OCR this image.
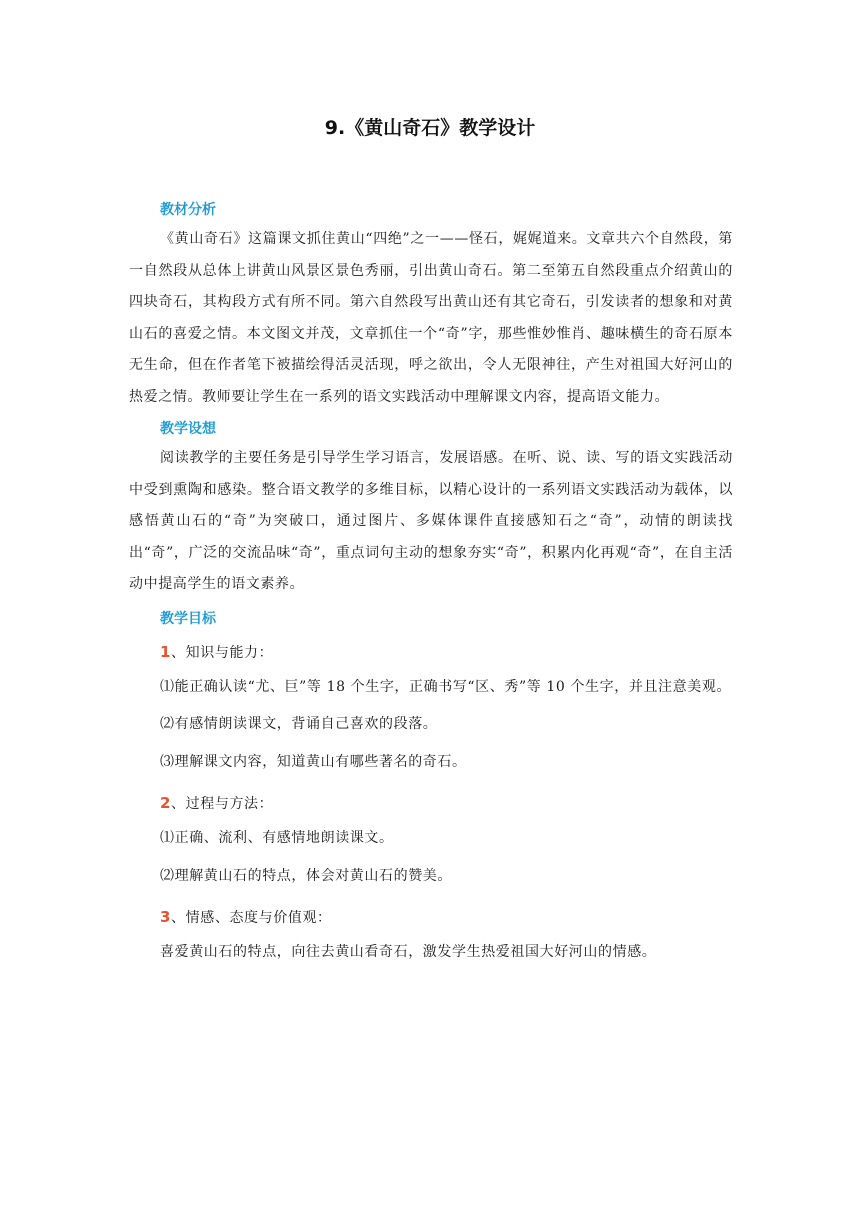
9.《黄山奇石》教学设计
教材分析

《黄山奇石》这篇课文抓住黄山“四绝”之一——怪石，娓娓道来。文章共六个自然段，第一自然段从总体上讲黄山风景区景色秀丽，引出黄山奇石。第二至第五自然段重点介绍黄山的四块奇石，其构段方式有所不同。第六自然段写出黄山还有其它奇石，引发读者的想象和对黄山石的喜爱之情。本文图文并茂，文章抓住一个“奇”字，那些惟妙惟肖、趣味横生的奇石原本无生命，但在作者笔下被描绘得活灵活现，呼之欲出，令人无限神往，产生对祖国大好河山的热爱之情。教师要让学生在一系列的语文实践活动中理解课文内容，提高语文能力。

教学设想

阅读教学的主要任务是引导学生学习语言，发展语感。在听、说、读、写的语文实践活动中受到熏陶和感染。整合语文教学的多维目标，以精心设计的一系列语文实践活动为载体，以感悟黄山石的“奇”为突破口，通过图片、多媒体课件直接感知石之“奇”，动情的朗读找出“奇”，广泛的交流品味“奇”，重点词句主动的想象夯实“奇”，积累内化再观“奇”，在自主活动中提高学生的语文素养。

教学目标
1、知识与能力：

⑴能正确认读“尤、巨”等 18 个生字，正确书写“区、秀”等 10 个生字，并且注意美观。

⑵有感情朗读课文，背诵自己喜欢的段落。

⑶理解课文内容，知道黄山有哪些著名的奇石。

2、过程与方法：

⑴正确、流利、有感情地朗读课文。

⑵理解黄山石的特点，体会对黄山石的赞美。

3、情感、态度与价值观：

喜爱黄山石的特点，向往去黄山看奇石，激发学生热爱祖国大好河山的情感。
